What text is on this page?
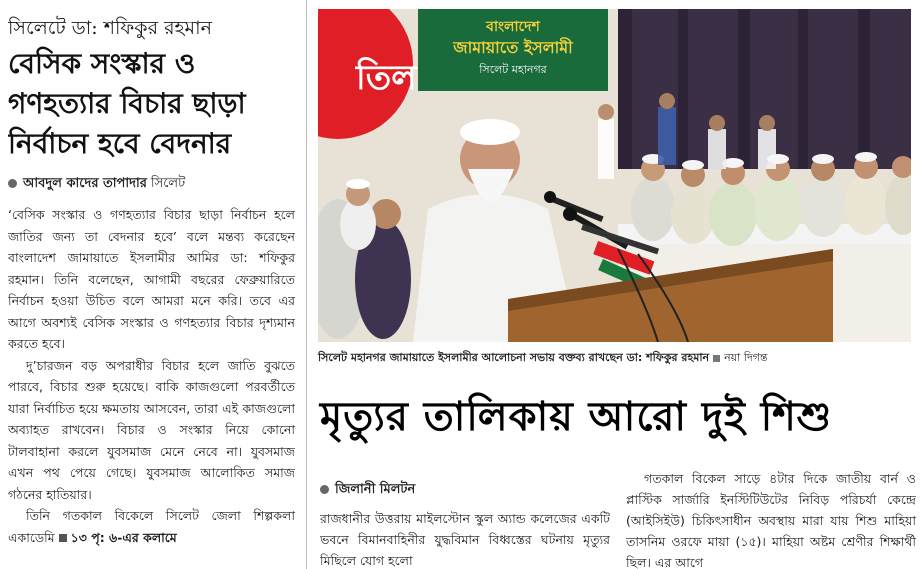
সিলেটে ডা: শফিকুর রহমান
বেসিক সংস্কার ও গণহত্যার বিচার ছাড়া নির্বাচন হবে বেদনার
আবদুল কাদের তাপাদার সিলেট

‘বেসিক সংস্কার ও গণহত্যার বিচার ছাড়া নির্বাচন হলে জাতির জন্য তা বেদনার হবে’ বলে মন্তব্য করেছেন বাংলাদেশ জামায়াতে ইসলামীর আমির ডা: শফিকুর রহমান। তিনি বলেছেন, আগামী বছরের ফেব্রুয়ারিতে নির্বাচন হওয়া উচিত বলে আমরা মনে করি। তবে এর আগে অবশ্যই বেসিক সংস্কার ও গণহত্যার বিচার দৃশ্যমান করতে হবে।

দু’চারজন বড় অপরাধীর বিচার হলে জাতি বুঝতে পারবে, বিচার শুরু হয়েছে। বাকি কাজগুলো পরবর্তীতে যারা নির্বাচিত হয়ে ক্ষমতায় আসবেন, তারা এই কাজগুলো অব্যাহত রাখবেন। বিচার ও সংস্কার নিয়ে কোনো টালবাহানা করলে যুবসমাজ মেনে নেবে না। যুবসমাজ এখন পথ পেয়ে গেছে। যুবসমাজ আলোকিত সমাজ গঠনের হাতিয়ার।

তিনি গতকাল বিকেলে সিলেট জেলা শিল্পকলা একাডেমি ১৩ পৃ: ৬-এর কলামে

তিল
বাংলাদেশ
জামায়াতে ইসলামী
সিলেট মহানগর

সিলেট মহানগর জামায়াতে ইসলামীর আলোচনা সভায় বক্তব্য রাখছেন ডা: শফিকুর রহমান নয়া দিগন্ত

মৃত্যুর তালিকায় আরো দুই শিশু
জিলানী মিলটন

রাজধানীর উত্তরায় মাইলস্টোন স্কুল অ্যান্ড কলেজের একটি ভবনে বিমানবাহিনীর যুদ্ধবিমান বিধ্বস্তের ঘটনায় মৃত্যুর মিছিলে যোগ হলো

গতকাল বিকেল সাড়ে ৪টার দিকে জাতীয় বার্ন ও প্লাস্টিক সার্জারি ইনস্টিটিউটের নিবিড় পরিচর্যা কেন্দ্রে (আইসিইউ) চিকিৎসাধীন অবস্থায় মারা যায় শিশু মাহিয়া তাসনিম ওরফে মায়া (১৫)। মাহিয়া অষ্টম শ্রেণীর শিক্ষার্থী ছিল। এর আগে
